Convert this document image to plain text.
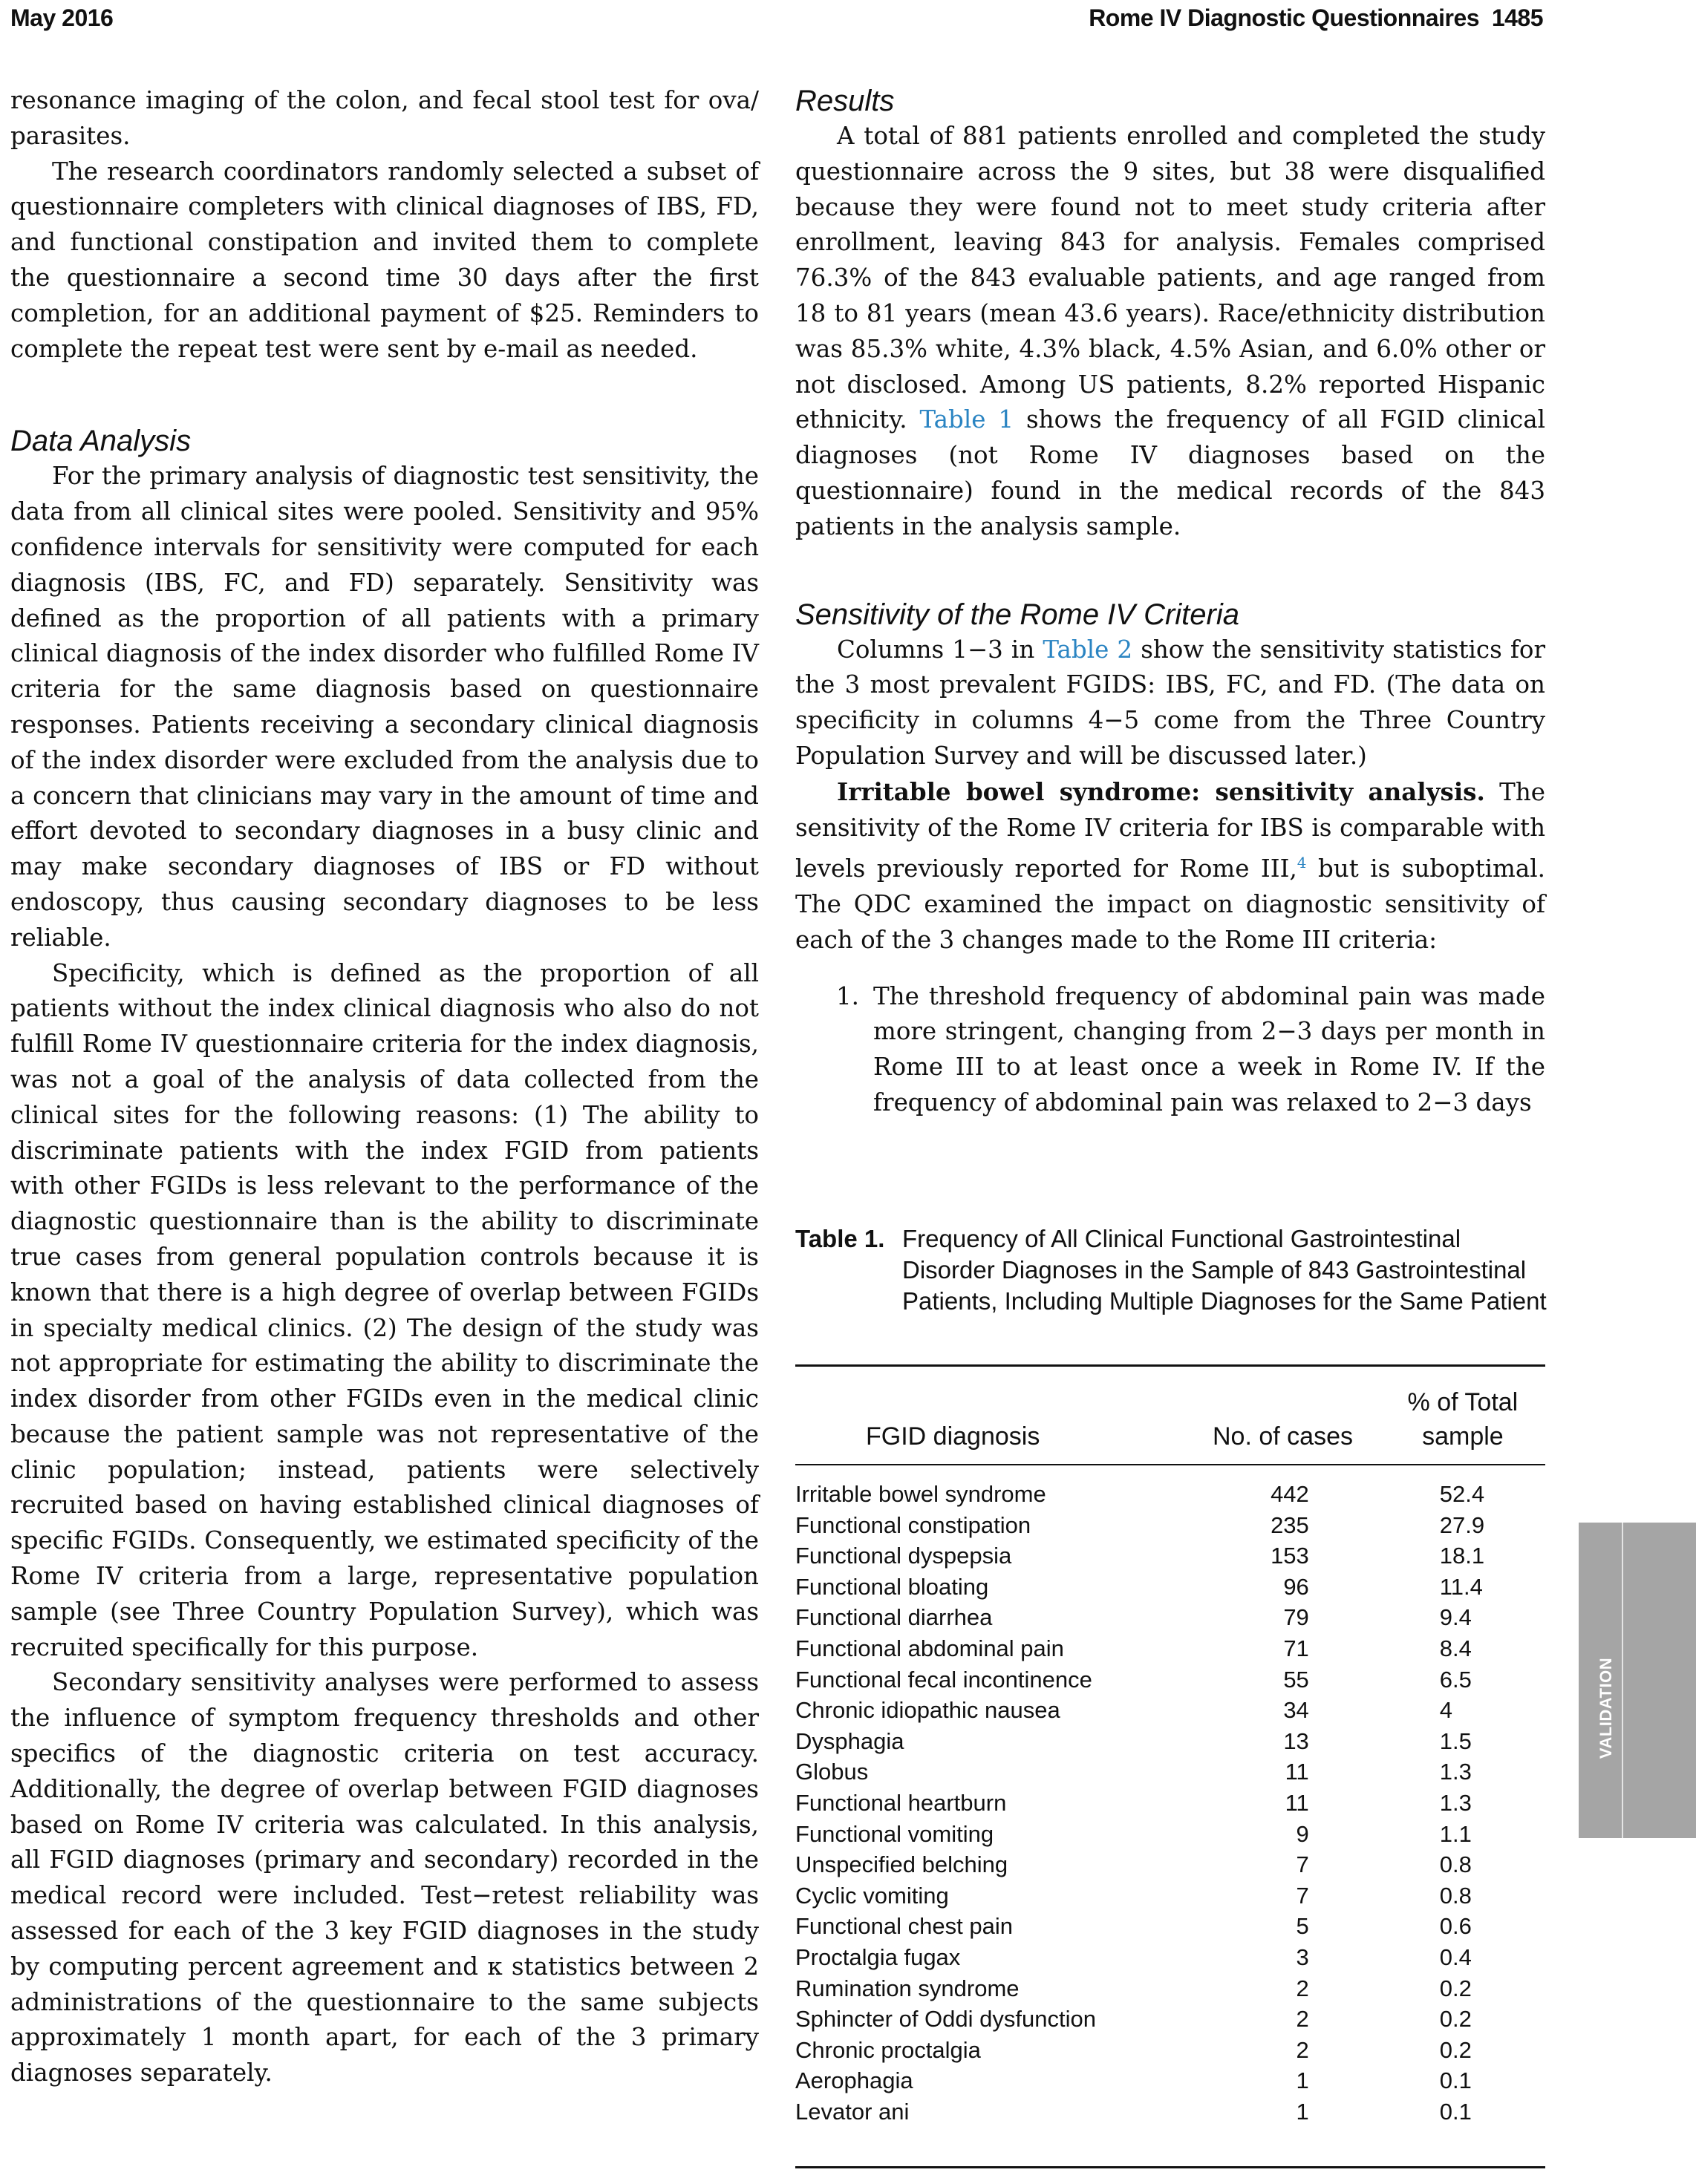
May 2016	Rome IV Diagnostic Questionnaires 1485

resonance imaging of the colon, and fecal stool test for ova/ parasites.

The research coordinators randomly selected a subset of questionnaire completers with clinical diagnoses of IBS, FD, and functional constipation and invited them to complete the questionnaire a second time 30 days after the first completion, for an additional payment of $25. Reminders to complete the repeat test were sent by e-mail as needed.

Data Analysis

For the primary analysis of diagnostic test sensitivity, the data from all clinical sites were pooled. Sensitivity and 95% confidence intervals for sensitivity were computed for each diagnosis (IBS, FC, and FD) separately. Sensitivity was defined as the proportion of all patients with a primary clinical diagnosis of the index disorder who fulfilled Rome IV criteria for the same diagnosis based on questionnaire responses. Patients receiving a secondary clinical diagnosis of the index disorder were excluded from the analysis due to a concern that clinicians may vary in the amount of time and effort devoted to secondary diagnoses in a busy clinic and may make secondary diagnoses of IBS or FD without endoscopy, thus causing secondary diagnoses to be less reliable.

Specificity, which is defined as the proportion of all patients without the index clinical diagnosis who also do not fulfill Rome IV questionnaire criteria for the index diagnosis, was not a goal of the analysis of data collected from the clinical sites for the following reasons: (1) The ability to discriminate patients with the index FGID from patients with other FGIDs is less relevant to the performance of the diagnostic questionnaire than is the ability to discriminate true cases from general population controls because it is known that there is a high degree of overlap between FGIDs in specialty medical clinics. (2) The design of the study was not appropriate for estimating the ability to discriminate the index disorder from other FGIDs even in the medical clinic because the patient sample was not representative of the clinic population; instead, patients were selectively recruited based on having established clinical diagnoses of specific FGIDs. Consequently, we estimated specificity of the Rome IV criteria from a large, representative population sample (see Three Country Population Survey), which was recruited specifically for this purpose.

Secondary sensitivity analyses were performed to assess the influence of symptom frequency thresholds and other specifics of the diagnostic criteria on test accuracy. Additionally, the degree of overlap between FGID diagnoses based on Rome IV criteria was calculated. In this analysis, all FGID diagnoses (primary and secondary) recorded in the medical record were included. Test−retest reliability was assessed for each of the 3 key FGID diagnoses in the study by computing percent agreement and κ statistics between 2 administrations of the questionnaire to the same subjects approximately 1 month apart, for each of the 3 primary diagnoses separately.

Results

A total of 881 patients enrolled and completed the study questionnaire across the 9 sites, but 38 were disqualified because they were found not to meet study criteria after enrollment, leaving 843 for analysis. Females comprised 76.3% of the 843 evaluable patients, and age ranged from 18 to 81 years (mean 43.6 years). Race/ethnicity distribution was 85.3% white, 4.3% black, 4.5% Asian, and 6.0% other or not disclosed. Among US patients, 8.2% reported Hispanic ethnicity. Table 1 shows the frequency of all FGID clinical diagnoses (not Rome IV diagnoses based on the questionnaire) found in the medical records of the 843 patients in the analysis sample.

Sensitivity of the Rome IV Criteria

Columns 1−3 in Table 2 show the sensitivity statistics for the 3 most prevalent FGIDS: IBS, FC, and FD. (The data on specificity in columns 4−5 come from the Three Country Population Survey and will be discussed later.)

Irritable bowel syndrome: sensitivity analysis. The sensitivity of the Rome IV criteria for IBS is comparable with levels previously reported for Rome III,$^4$ but is suboptimal. The QDC examined the impact on diagnostic sensitivity of each of the 3 changes made to the Rome III criteria:

1. The threshold frequency of abdominal pain was made more stringent, changing from 2−3 days per month in Rome III to at least once a week in Rome IV. If the frequency of abdominal pain was relaxed to 2−3 days
Table 1. Frequency of All Clinical Functional Gastrointestinal Disorder Diagnoses in the Sample of 843 Gastrointestinal Patients, Including Multiple Diagnoses for the Same Patient
FGID diagnosis	No. of cases	% of Total
sample

Irritable bowel syndrome	442	52.4
Functional constipation	235	27.9
Functional dyspepsia	153	18.1
Functional bloating	96	11.4
Functional diarrhea	79	9.4
Functional abdominal pain	71	8.4
Functional fecal incontinence	55	6.5
Chronic idiopathic nausea	34	4
Dysphagia	13	1.5
Globus	11	1.3
Functional heartburn	11	1.3
Functional vomiting	9	1.1
Unspecified belching	7	0.8
Cyclic vomiting	7	0.8
Functional chest pain	5	0.6
Proctalgia fugax	3	0.4
Rumination syndrome	2	0.2
Sphincter of Oddi dysfunction	2	0.2
Chronic proctalgia	2	0.2
Aerophagia	1	0.1
Levator ani	1	0.1
VALIDATION
